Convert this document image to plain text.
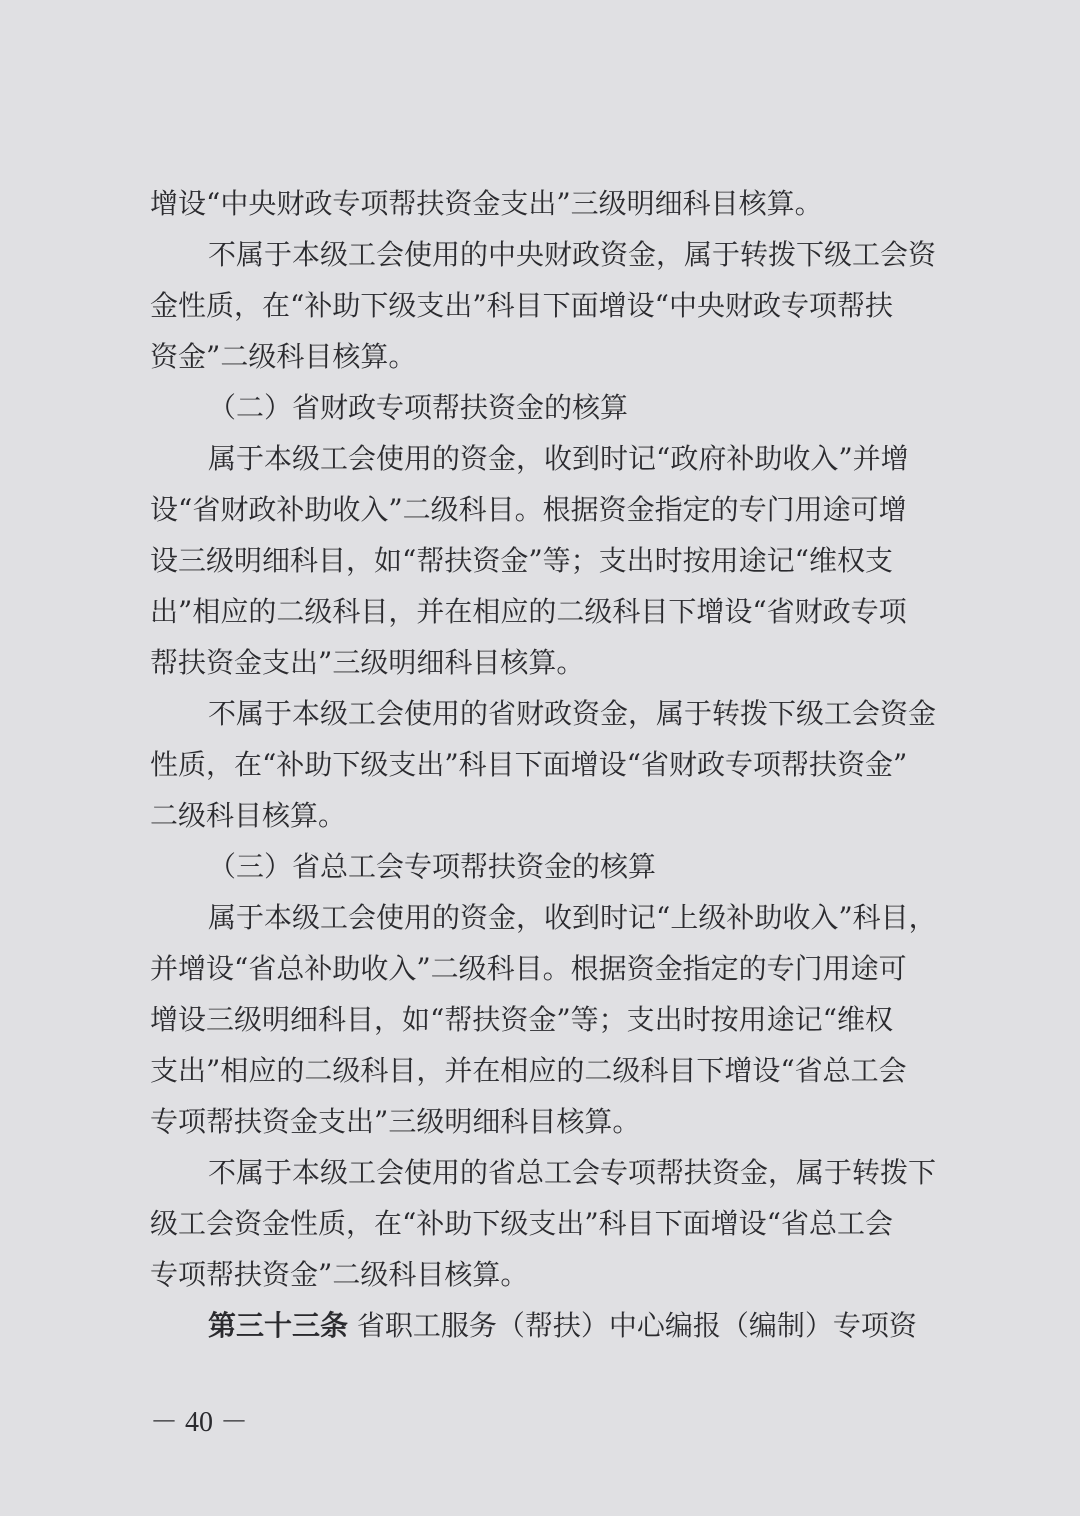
增设“中央财政专项帮扶资金支出”三级明细科目核算。
不属于本级工会使用的中央财政资金，属于转拨下级工会资
金性质，在“补助下级支出”科目下面增设“中央财政专项帮扶
资金”二级科目核算。
（二）省财政专项帮扶资金的核算
属于本级工会使用的资金，收到时记“政府补助收入”并增
设“省财政补助收入”二级科目。根据资金指定的专门用途可增
设三级明细科目，如“帮扶资金”等；支出时按用途记“维权支
出”相应的二级科目，并在相应的二级科目下增设“省财政专项
帮扶资金支出”三级明细科目核算。
不属于本级工会使用的省财政资金，属于转拨下级工会资金
性质，在“补助下级支出”科目下面增设“省财政专项帮扶资金”
二级科目核算。
（三）省总工会专项帮扶资金的核算
属于本级工会使用的资金，收到时记“上级补助收入”科目，
并增设“省总补助收入”二级科目。根据资金指定的专门用途可
增设三级明细科目，如“帮扶资金”等；支出时按用途记“维权
支出”相应的二级科目，并在相应的二级科目下增设“省总工会
专项帮扶资金支出”三级明细科目核算。
不属于本级工会使用的省总工会专项帮扶资金，属于转拨下
级工会资金性质，在“补助下级支出”科目下面增设“省总工会
专项帮扶资金”二级科目核算。
第三十三条 省职工服务（帮扶）中心编报（编制）专项资
－ 40 －
